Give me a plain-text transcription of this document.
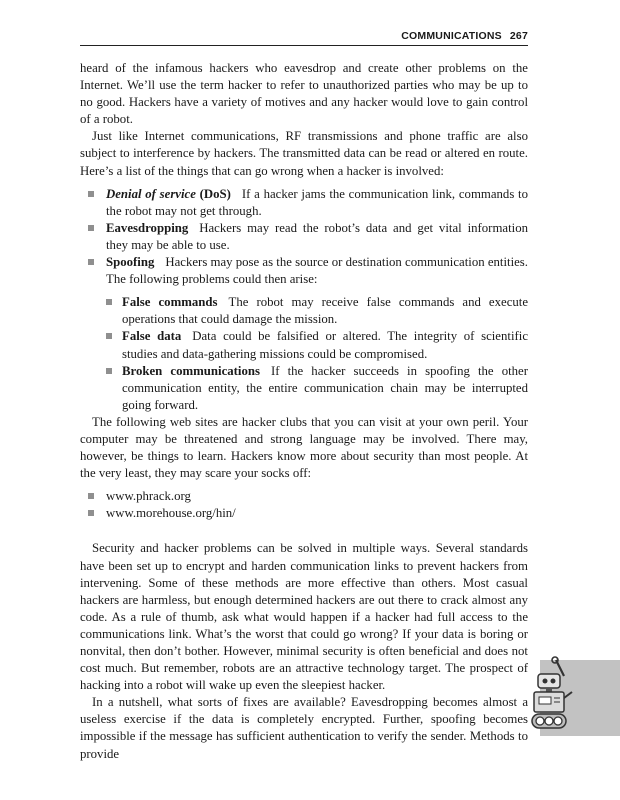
COMMUNICATIONS 267

heard of the infamous hackers who eavesdrop and create other problems on the Internet. We’ll use the term hacker to refer to unauthorized parties who may be up to no good. Hackers have a variety of motives and any hacker would love to gain control of a robot.

Just like Internet communications, RF transmissions and phone traffic are also subject to interference by hackers. The transmitted data can be read or altered en route. Here’s a list of the things that can go wrong when a hacker is involved:

Denial of service (DoS) If a hacker jams the communication link, commands to the robot may not get through.
Eavesdropping Hackers may read the robot’s data and get vital information they may be able to use.
Spoofing Hackers may pose as the source or destination communication entities. The following problems could then arise:
False commands The robot may receive false commands and execute operations that could damage the mission.
False data Data could be falsified or altered. The integrity of scientific studies and data-gathering missions could be compromised.
Broken communications If the hacker succeeds in spoofing the other communication entity, the entire communication chain may be interrupted going forward.

The following web sites are hacker clubs that you can visit at your own peril. Your computer may be threatened and strong language may be involved. There may, however, be things to learn. Hackers know more about security than most people. At the very least, they may scare your socks off:

www.phrack.org
www.morehouse.org/hin/

Security and hacker problems can be solved in multiple ways. Several standards have been set up to encrypt and harden communication links to prevent hackers from intervening. Some of these methods are more effective than others. Most casual hackers are harmless, but enough determined hackers are out there to crack almost any code. As a rule of thumb, ask what would happen if a hacker had full access to the communications link. What’s the worst that could go wrong? If your data is boring or nonvital, then don’t bother. However, minimal security is often beneficial and does not cost much. But remember, robots are an attractive technology target. The prospect of hacking into a robot will wake up even the sleepiest hacker.

In a nutshell, what sorts of fixes are available? Eavesdropping becomes almost a useless exercise if the data is completely encrypted. Further, spoofing becomes impossible if the message has sufficient authentication to verify the sender. Methods to provide
